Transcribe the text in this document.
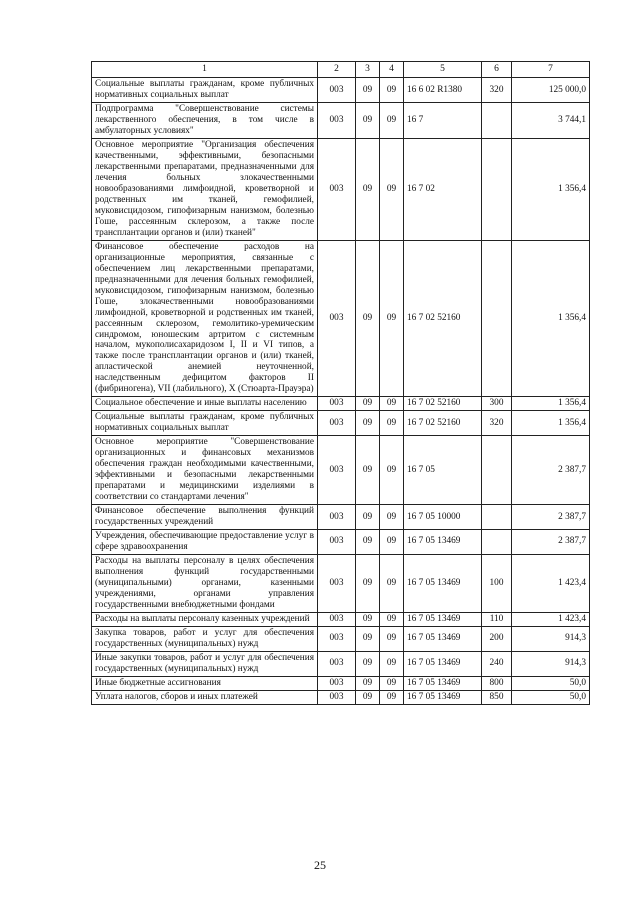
1	2	3	4	5	6	7
Социальные выплаты гражданам, кроме публичных нормативных социальных выплат	003	09	09	16 6 02 R1380	320	125 000,0
Подпрограмма "Совершенствование системы лекарственного обеспечения, в том числе в амбулаторных условиях"	003	09	09	16 7		3 744,1
Основное мероприятие "Организация обеспечения качественными, эффективными, безопасными лекарственными препаратами, предназначенными для лечения больных злокачественными новообразованиями лимфоидной, кроветворной и родственных им тканей, гемофилией, муковисцидозом, гипофизарным нанизмом, болезнью Гоше, рассеянным склерозом, а также после трансплантации органов и (или) тканей"	003	09	09	16 7 02		1 356,4
Финансовое обеспечение расходов на организационные мероприятия, связанные с обеспечением лиц лекарственными препаратами, предназначенными для лечения больных гемофилией, муковисцидозом, гипофизарным нанизмом, болезнью Гоше, злокачественными новообразованиями лимфоидной, кроветворной и родственных им тканей, рассеянным склерозом, гемолитико-уремическим синдромом, юношеским артритом с системным началом, мукополисахаридозом I, II и VI типов, а также после трансплантации органов и (или) тканей, апластической анемией неуточненной, наследственным дефицитом факторов II (фибриногена), VII (лабильного), X (Стюарта-Прауэра)	003	09	09	16 7 02 52160		1 356,4
Социальное обеспечение и иные выплаты населению	003	09	09	16 7 02 52160	300	1 356,4
Социальные выплаты гражданам, кроме публичных нормативных социальных выплат	003	09	09	16 7 02 52160	320	1 356,4
Основное мероприятие "Совершенствование организационных и финансовых механизмов обеспечения граждан необходимыми качественными, эффективными и безопасными лекарственными препаратами и медицинскими изделиями в соответствии со стандартами лечения"	003	09	09	16 7 05		2 387,7
Финансовое обеспечение выполнения функций государственных учреждений	003	09	09	16 7 05 10000		2 387,7
Учреждения, обеспечивающие предоставление услуг в сфере здравоохранения	003	09	09	16 7 05 13469		2 387,7
Расходы на выплаты персоналу в целях обеспечения выполнения функций государственными (муниципальными) органами, казенными учреждениями, органами управления государственными внебюджетными фондами	003	09	09	16 7 05 13469	100	1 423,4
Расходы на выплаты персоналу казенных учреждений	003	09	09	16 7 05 13469	110	1 423,4
Закупка товаров, работ и услуг для обеспечения государственных (муниципальных) нужд	003	09	09	16 7 05 13469	200	914,3
Иные закупки товаров, работ и услуг для обеспечения государственных (муниципальных) нужд	003	09	09	16 7 05 13469	240	914,3
Иные бюджетные ассигнования	003	09	09	16 7 05 13469	800	50,0
Уплата налогов, сборов и иных платежей	003	09	09	16 7 05 13469	850	50,0
25
